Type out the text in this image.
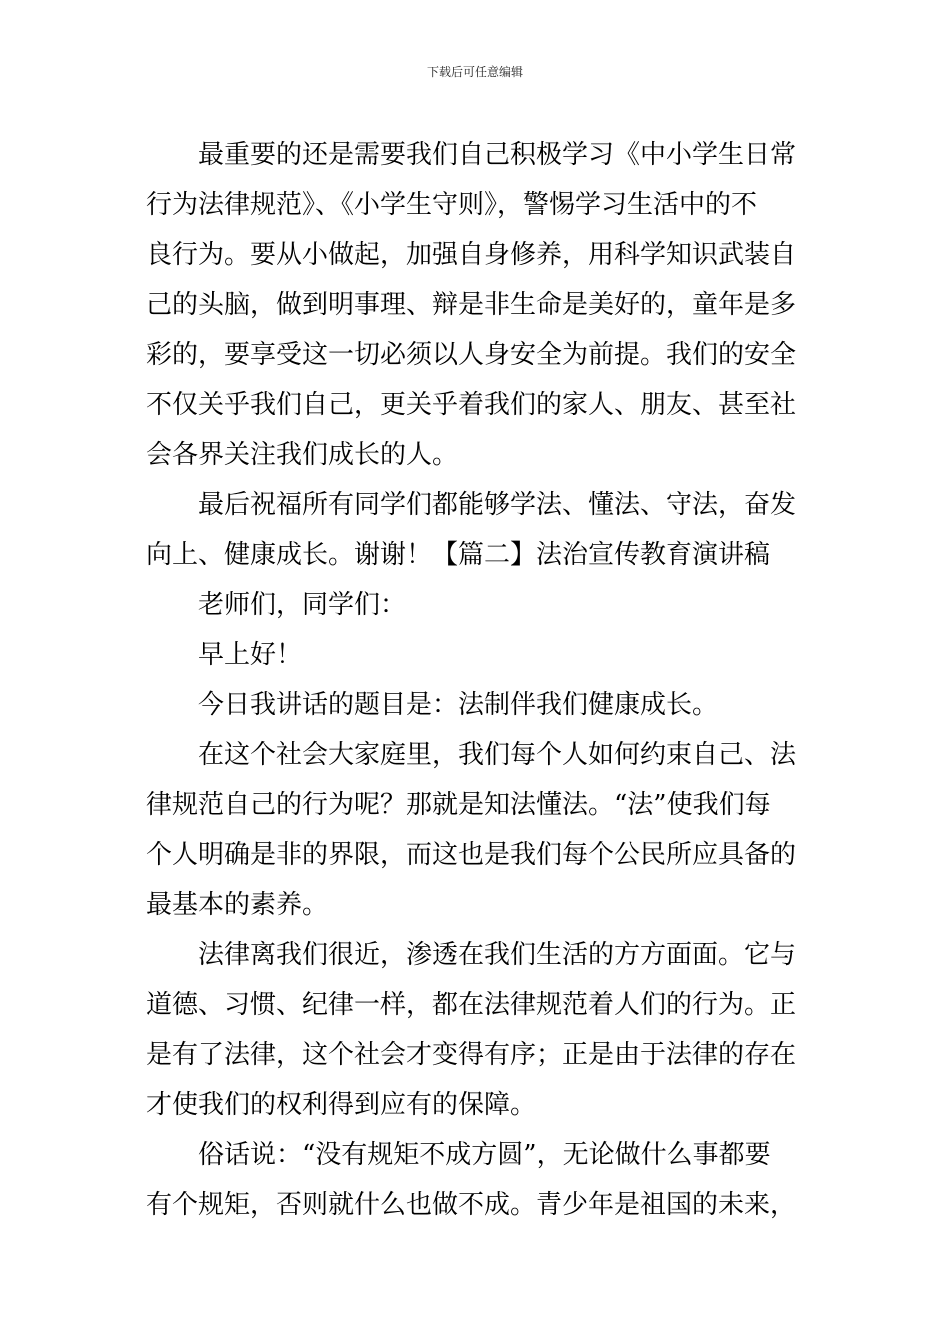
下载后可任意编辑
最重要的还是需要我们自己积极学习《中小学生日常
行为法律规范》、《小学生守则》，警惕学习生活中的不
良行为。要从小做起，加强自身修养，用科学知识武装自
己的头脑，做到明事理、辩是非生命是美好的，童年是多
彩的，要享受这一切必须以人身安全为前提。我们的安全
不仅关乎我们自己，更关乎着我们的家人、朋友、甚至社
会各界关注我们成长的人。
最后祝福所有同学们都能够学法、懂法、守法，奋发
向上、健康成长。谢谢！【篇二】法治宣传教育演讲稿
老师们，同学们：
早上好！
今日我讲话的题目是：法制伴我们健康成长。
在这个社会大家庭里，我们每个人如何约束自己、法
律规范自己的行为呢？那就是知法懂法。“法”使我们每
个人明确是非的界限，而这也是我们每个公民所应具备的
最基本的素养。
法律离我们很近，渗透在我们生活的方方面面。它与
道德、习惯、纪律一样，都在法律规范着人们的行为。正
是有了法律，这个社会才变得有序；正是由于法律的存在
才使我们的权利得到应有的保障。
俗话说：“没有规矩不成方圆”，无论做什么事都要
有个规矩，否则就什么也做不成。青少年是祖国的未来，
